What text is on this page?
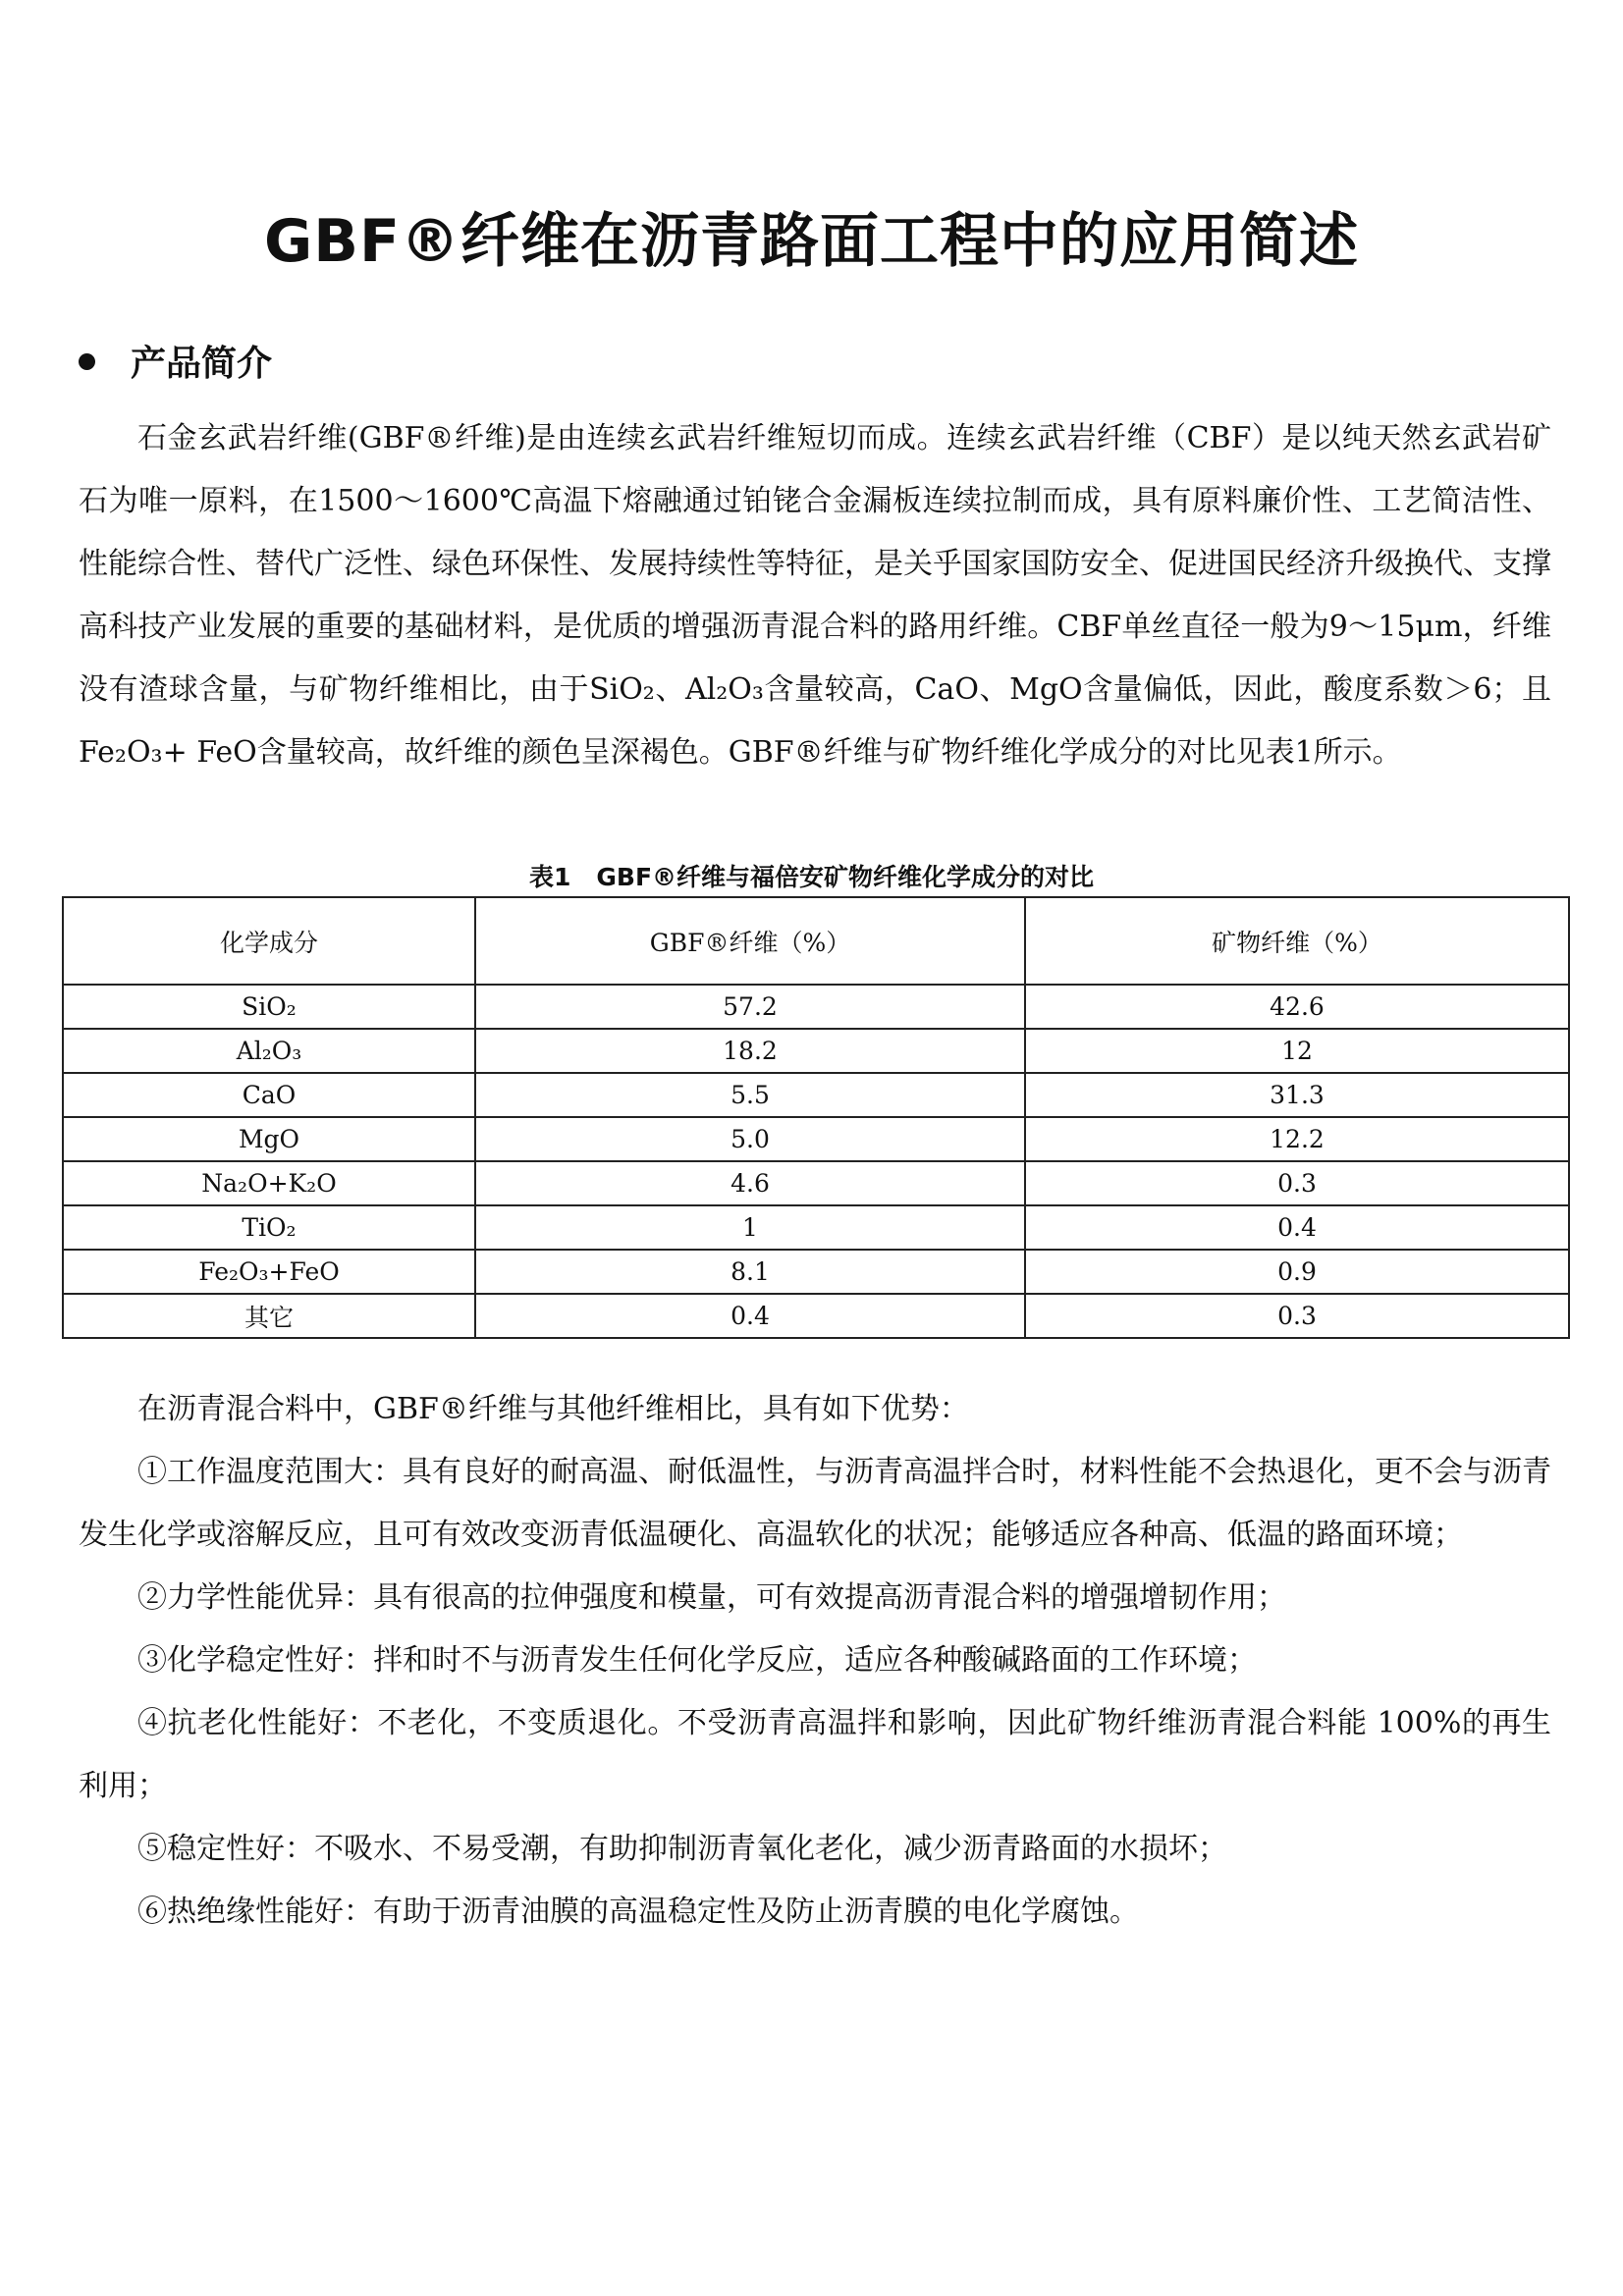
GBF®纤维在沥青路面工程中的应用简述
产品简介

石金玄武岩纤维(GBF®纤维)是由连续玄武岩纤维短切而成。连续玄武岩纤维（CBF）是以纯天然玄武岩矿石为唯一原料，在1500～1600℃高温下熔融通过铂铑合金漏板连续拉制而成，具有原料廉价性、工艺简洁性、性能综合性、替代广泛性、绿色环保性、发展持续性等特征，是关乎国家国防安全、促进国民经济升级换代、支撑高科技产业发展的重要的基础材料，是优质的增强沥青混合料的路用纤维。CBF单丝直径一般为9～15μm，纤维没有渣球含量，与矿物纤维相比，由于SiO₂、Al₂O₃含量较高，CaO、MgO含量偏低，因此，酸度系数＞6；且Fe₂O₃+ FeO含量较高，故纤维的颜色呈深褐色。GBF®纤维与矿物纤维化学成分的对比见表1所示。

表1 GBF®纤维与福倍安矿物纤维化学成分的对比
化学成分	GBF®纤维（%）	矿物纤维（%）
SiO₂	57.2	42.6
Al₂O₃	18.2	12
CaO	5.5	31.3
MgO	5.0	12.2
Na₂O+K₂O	4.6	0.3
TiO₂	1	0.4
Fe₂O₃+FeO	8.1	0.9
其它	0.4	0.3
在沥青混合料中，GBF®纤维与其他纤维相比，具有如下优势：
①工作温度范围大：具有良好的耐高温、耐低温性，与沥青高温拌合时，材料性能不会热退化，更不会与沥青发生化学或溶解反应，且可有效改变沥青低温硬化、高温软化的状况；能够适应各种高、低温的路面环境；
②力学性能优异：具有很高的拉伸强度和模量，可有效提高沥青混合料的增强增韧作用；
③化学稳定性好：拌和时不与沥青发生任何化学反应，适应各种酸碱路面的工作环境；
④抗老化性能好：不老化，不变质退化。不受沥青高温拌和影响，因此矿物纤维沥青混合料能 100%的再生利用；
⑤稳定性好：不吸水、不易受潮，有助抑制沥青氧化老化，减少沥青路面的水损坏；
⑥热绝缘性能好：有助于沥青油膜的高温稳定性及防止沥青膜的电化学腐蚀。
